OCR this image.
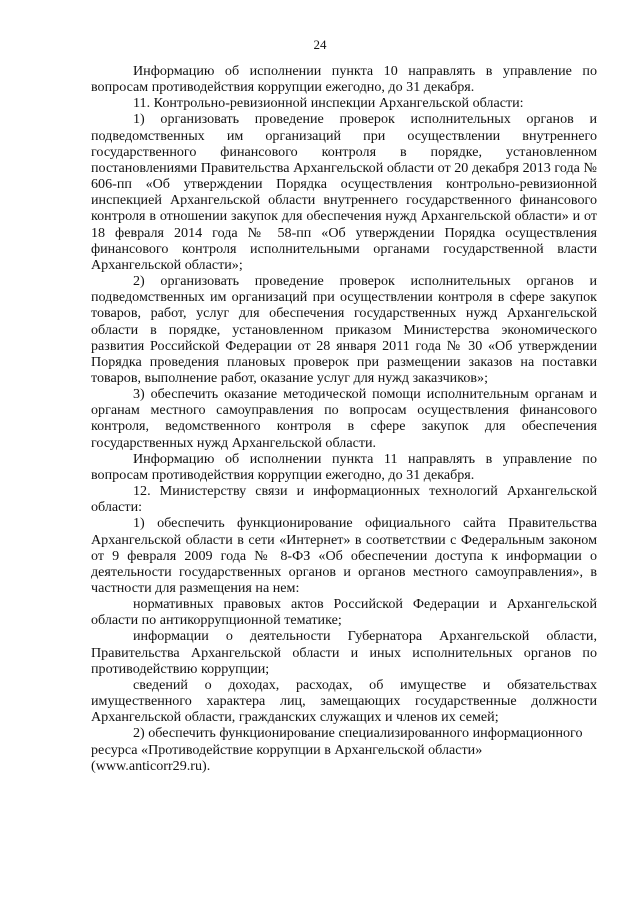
24

Информацию об исполнении пункта 10 направлять в управление по вопросам противодействия коррупции ежегодно, до 31 декабря.

11. Контрольно-ревизионной инспекции Архангельской области:

1) организовать проведение проверок исполнительных органов и подведомственных им организаций при осуществлении внутреннего государственного финансового контроля в порядке, установленном постановлениями Правительства Архангельской области от 20 декабря 2013 года № 606-пп «Об утверждении Порядка осуществления контрольно-ревизионной инспекцией Архангельской области внутреннего государственного финансового контроля в отношении закупок для обеспечения нужд Архангельской области» и от 18 февраля 2014 года № 58-пп «Об утверждении Порядка осуществления финансового контроля исполнительными органами государственной власти Архангельской области»;

2) организовать проведение проверок исполнительных органов и подведомственных им организаций при осуществлении контроля в сфере закупок товаров, работ, услуг для обеспечения государственных нужд Архангельской области в порядке, установленном приказом Министерства экономического развития Российской Федерации от 28 января 2011 года № 30 «Об утверждении Порядка проведения плановых проверок при размещении заказов на поставки товаров, выполнение работ, оказание услуг для нужд заказчиков»;

3) обеспечить оказание методической помощи исполнительным органам и органам местного самоуправления по вопросам осуществления финансового контроля, ведомственного контроля в сфере закупок для обеспечения государственных нужд Архангельской области.

Информацию об исполнении пункта 11 направлять в управление по вопросам противодействия коррупции ежегодно, до 31 декабря.

12. Министерству связи и информационных технологий Архангельской области:

1) обеспечить функционирование официального сайта Правительства Архангельской области в сети «Интернет» в соответствии с Федеральным законом от 9 февраля 2009 года № 8-ФЗ «Об обеспечении доступа к информации о деятельности государственных органов и органов местного самоуправления», в частности для размещения на нем:

нормативных правовых актов Российской Федерации и Архангельской области по антикоррупционной тематике;

информации о деятельности Губернатора Архангельской области, Правительства Архангельской области и иных исполнительных органов по противодействию коррупции;

сведений о доходах, расходах, об имуществе и обязательствах имущественного характера лиц, замещающих государственные должности Архангельской области, гражданских служащих и членов их семей;

2) обеспечить функционирование специализированного информационного ресурса «Противодействие коррупции в Архангельской области» (www.anticorr29.ru).
